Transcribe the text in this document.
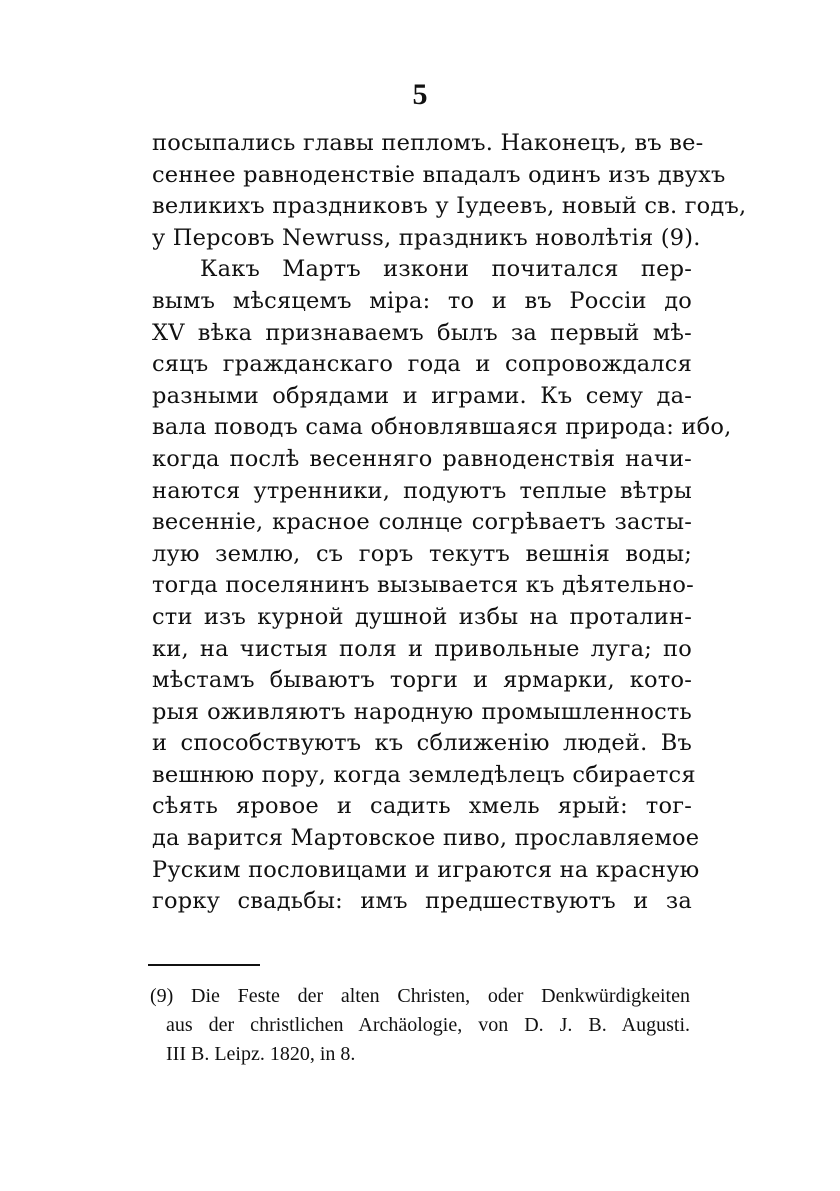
5
посыпались главы пепломъ. Наконецъ, въ ве-
сеннее равноденствіе впадалъ одинъ изъ двухъ
великихъ праздниковъ у Іудеевъ, новый св. годъ,
у Персовъ Newruss, праздникъ новолѣтія (9).
Какъ Мартъ изкони почитался пер-
вымъ мѣсяцемъ міра: то и въ Россіи до
XV вѣка признаваемъ былъ за первый мѣ-
сяцъ гражданскаго года и сопровождался
разными обрядами и играми. Къ сему да-
вала поводъ сама обновлявшаяся природа: ибо,
когда послѣ весенняго равноденствія начи-
наются утренники, подуютъ теплые вѣтры
весенніе, красное солнце согрѣваетъ засты-
лую землю, съ горъ текутъ вешнія воды;
тогда поселянинъ вызывается къ дѣятельно-
сти изъ курной душной избы на проталин-
ки, на чистыя поля и привольные луга; по
мѣстамъ бываютъ торги и ярмарки, кото-
рыя оживляютъ народную промышленность
и способствуютъ къ сближенію людей. Въ
вешнюю пору, когда земледѣлецъ сбирается
сѣять яровое и садить хмель ярый: тог-
да варится Мартовское пиво, прославляемое
Руским пословицами и играются на красную
горку свадьбы: имъ предшествуютъ и за
(9) Die Feste der alten Christen, oder Denkwürdigkeiten
aus der christlichen Archäologie, von D. J. B. Augusti.
III B. Leipz. 1820, in 8.
